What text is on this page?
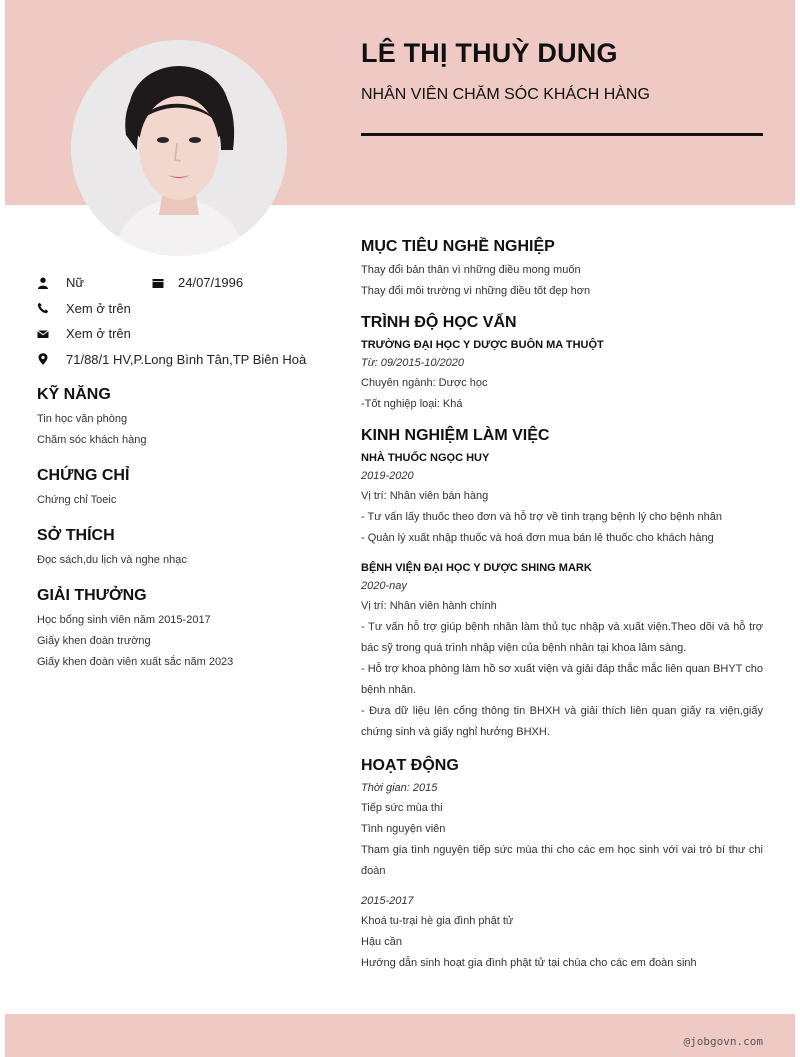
LÊ THỊ THUỲ DUNG
NHÂN VIÊN CHĂM SÓC KHÁCH HÀNG
Nữ	24/07/1996
Xem ở trên
Xem ở trên
71/88/1 HV,P.Long Bình Tân,TP Biên Hoà
KỸ NĂNG
Tin học văn phòng
Chăm sóc khách hàng
CHỨNG CHỈ
Chứng chỉ Toeic
SỞ THÍCH
Đọc sách,du lịch và nghe nhạc
GIẢI THƯỞNG
Học bổng sinh viên năm 2015-2017
Giấy khen đoàn trường
Giấy khen đoàn viên xuất sắc năm 2023
MỤC TIÊU NGHỀ NGHIỆP
Thay đổi bản thân vì những điều mong muốn
Thay đổi môi trường vì những điều tốt đẹp hơn
TRÌNH ĐỘ HỌC VẤN
TRƯỜNG ĐẠI HỌC Y DƯỢC BUÔN MA THUỘT
Từ: 09/2015-10/2020
Chuyên ngành: Dược học
-Tốt nghiệp loại: Khá
KINH NGHIỆM LÀM VIỆC
NHÀ THUỐC NGỌC HUY
2019-2020
Vị trí: Nhân viên bán hàng
- Tư vấn lấy thuốc theo đơn và hỗ trợ về tình trạng bệnh lý cho bệnh nhân
- Quản lý xuất nhập thuốc và hoá đơn mua bán lẻ thuốc cho khách hàng
BỆNH VIỆN ĐẠI HỌC Y DƯỢC SHING MARK
2020-nay
Vị trí: Nhân viên hành chính
- Tư vấn hỗ trợ giúp bệnh nhân làm thủ tục nhập và xuất viện.Theo dõi và hỗ trợ bác sỹ trong quá trình nhập viện của bệnh nhân tại khoa lâm sàng.
- Hỗ trợ khoa phòng làm hồ sơ xuất viện và giải đáp thắc mắc liên quan BHYT cho bệnh nhân.
- Đưa dữ liệu lên cổng thông tin BHXH và giải thích liên quan giấy ra viện,giấy chứng sinh và giấy nghỉ hưởng BHXH.
HOẠT ĐỘNG
Thời gian: 2015
Tiếp sức mùa thi
Tình nguyện viên
Tham gia tình nguyện tiếp sức mùa thi cho các em học sinh với vai trò bí thư chi đoàn
2015-2017
Khoá tu-trại hè gia đình phật tử
Hậu cần
Hướng dẫn sinh hoạt gia đình phật tử tại chùa cho các em đoàn sinh
@jobgovn.com
